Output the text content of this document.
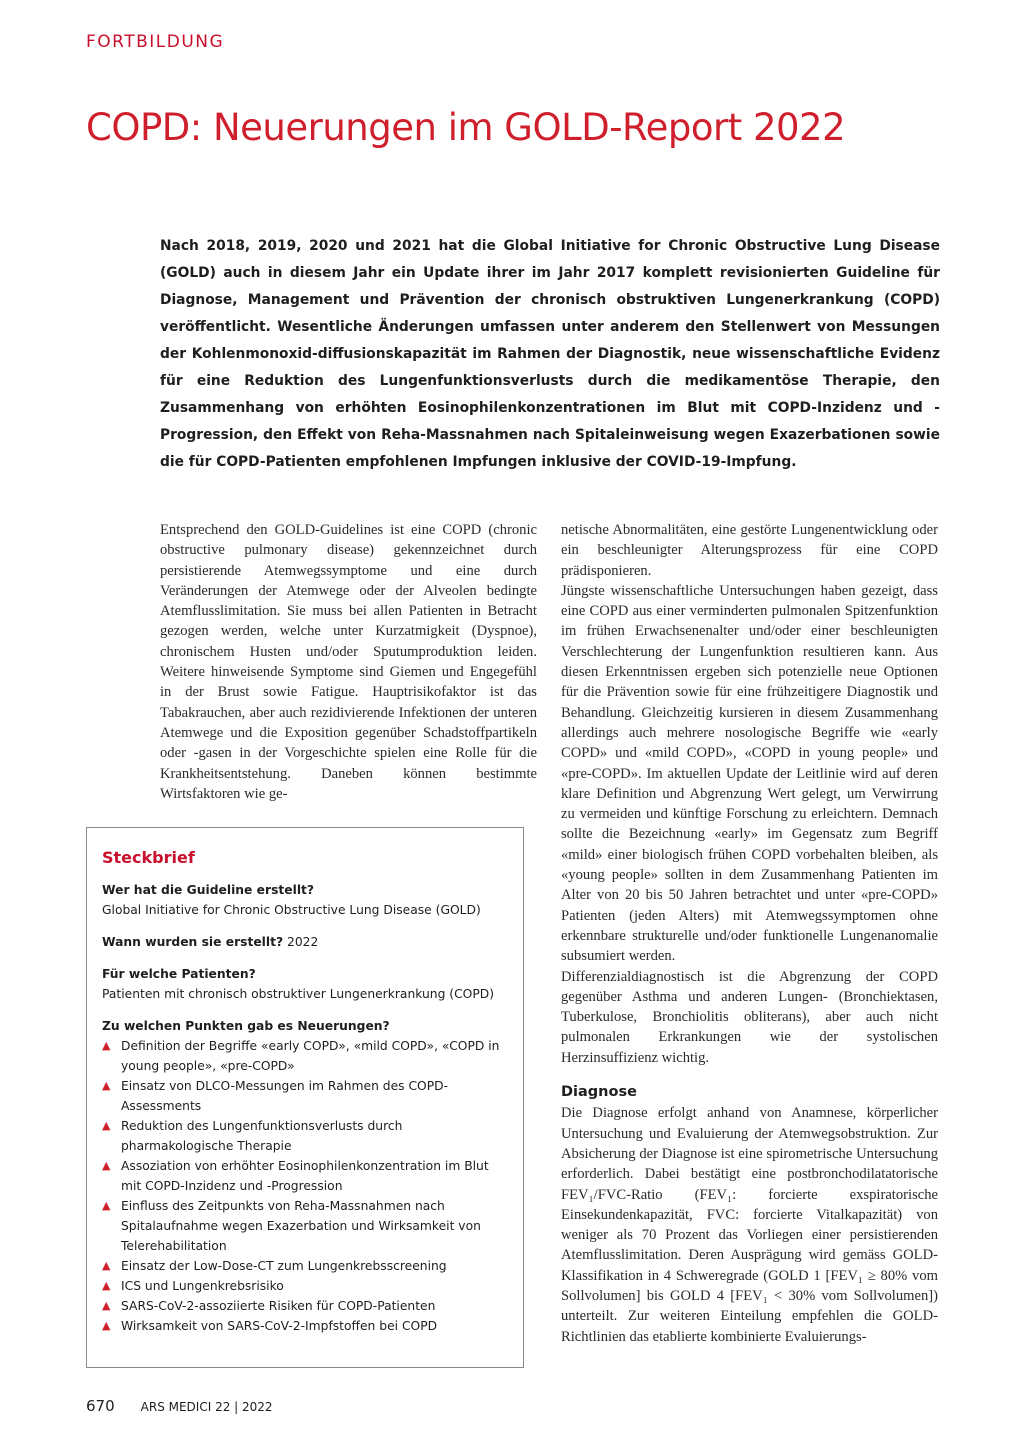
FORTBILDUNG
COPD: Neuerungen im GOLD-Report 2022

Nach 2018, 2019, 2020 und 2021 hat die Global Initiative for Chronic Obstructive Lung Disease (GOLD) auch in diesem Jahr ein Update ihrer im Jahr 2017 komplett revisionierten Guideline für Diagnose, Management und Prävention der chronisch obstruktiven Lungenerkrankung (COPD) veröffentlicht. Wesentliche Änderungen umfassen unter anderem den Stellenwert von Messungen der Kohlenmonoxid-diffusionskapazität im Rahmen der Diagnostik, neue wissenschaftliche Evidenz für eine Reduktion des Lungenfunktionsverlusts durch die medikamentöse Therapie, den Zusammenhang von erhöhten Eosinophilenkonzentrationen im Blut mit COPD-Inzidenz und -Progression, den Effekt von Reha-Massnahmen nach Spitaleinweisung wegen Exazerbationen sowie die für COPD-Patienten empfohlenen Impfungen inklusive der COVID-19-Impfung.

Entsprechend den GOLD-Guidelines ist eine COPD (chronic obstructive pulmonary disease) gekennzeichnet durch persistierende Atemwegssymptome und eine durch Veränderungen der Atemwege oder der Alveolen bedingte Atemflusslimitation. Sie muss bei allen Patienten in Betracht gezogen werden, welche unter Kurzatmigkeit (Dyspnoe), chronischem Husten und/oder Sputumproduktion leiden. Weitere hinweisende Symptome sind Giemen und Engegefühl in der Brust sowie Fatigue. Hauptrisikofaktor ist das Tabakrauchen, aber auch rezidivierende Infektionen der unteren Atemwege und die Exposition gegenüber Schadstoffpartikeln oder -gasen in der Vorgeschichte spielen eine Rolle für die Krankheitsentstehung. Daneben können bestimmte Wirtsfaktoren wie ge-

netische Abnormalitäten, eine gestörte Lungenentwicklung oder ein beschleunigter Alterungsprozess für eine COPD prädisponieren.

Jüngste wissenschaftliche Untersuchungen haben gezeigt, dass eine COPD aus einer verminderten pulmonalen Spitzenfunktion im frühen Erwachsenenalter und/oder einer beschleunigten Verschlechterung der Lungenfunktion resultieren kann. Aus diesen Erkenntnissen ergeben sich potenzielle neue Optionen für die Prävention sowie für eine frühzeitigere Diagnostik und Behandlung. Gleichzeitig kursieren in diesem Zusammenhang allerdings auch mehrere nosologische Begriffe wie «early COPD» und «mild COPD», «COPD in young people» und «pre-COPD». Im aktuellen Update der Leitlinie wird auf deren klare Definition und Abgrenzung Wert gelegt, um Verwirrung zu vermeiden und künftige Forschung zu erleichtern. Demnach sollte die Bezeichnung «early» im Gegensatz zum Begriff «mild» einer biologisch frühen COPD vorbehalten bleiben, als «young people» sollten in dem Zusammenhang Patienten im Alter von 20 bis 50 Jahren betrachtet und unter «pre-COPD» Patienten (jeden Alters) mit Atemwegssymptomen ohne erkennbare strukturelle und/oder funktionelle Lungenanomalie subsumiert werden.

Differenzialdiagnostisch ist die Abgrenzung der COPD gegenüber Asthma und anderen Lungen- (Bronchiektasen, Tuberkulose, Bronchiolitis obliterans), aber auch nicht pulmonalen Erkrankungen wie der systolischen Herzinsuffizienz wichtig.

Diagnose

Die Diagnose erfolgt anhand von Anamnese, körperlicher Untersuchung und Evaluierung der Atemwegsobstruktion. Zur Absicherung der Diagnose ist eine spirometrische Untersuchung erforderlich. Dabei bestätigt eine postbronchodilatatorische FEV₁/FVC-Ratio (FEV₁: forcierte exspiratorische Einsekundenkapazität, FVC: forcierte Vitalkapazität) von weniger als 70 Prozent das Vorliegen einer persistierenden Atemflusslimitation. Deren Ausprägung wird gemäss GOLD-Klassifikation in 4 Schweregrade (GOLD 1 [FEV₁ ≥ 80% vom Sollvolumen] bis GOLD 4 [FEV₁ < 30% vom Sollvolumen]) unterteilt. Zur weiteren Einteilung empfehlen die GOLD-Richtlinien das etablierte kombinierte Evaluierungs-

Steckbrief

Wer hat die Guideline erstellt?

Global Initiative for Chronic Obstructive Lung Disease (GOLD)

Wann wurden sie erstellt? 2022

Für welche Patienten?

Patienten mit chronisch obstruktiver Lungenerkrankung (COPD)

Zu welchen Punkten gab es Neuerungen?

▲ Definition der Begriffe «early COPD», «mild COPD», «COPD in young people», «pre-COPD»
▲ Einsatz von DLCO-Messungen im Rahmen des COPD-Assessments
▲ Reduktion des Lungenfunktionsverlusts durch pharmakologische Therapie
▲ Assoziation von erhöhter Eosinophilenkonzentration im Blut mit COPD-Inzidenz und -Progression
▲ Einfluss des Zeitpunkts von Reha-Massnahmen nach Spitalaufnahme wegen Exazerbation und Wirksamkeit von Telerehabilitation
▲ Einsatz der Low-Dose-CT zum Lungenkrebsscreening
▲ ICS und Lungenkrebsrisiko
▲ SARS-CoV-2-assoziierte Risiken für COPD-Patienten
▲ Wirksamkeit von SARS-CoV-2-Impfstoffen bei COPD
670 ARS MEDICI 22 | 2022
